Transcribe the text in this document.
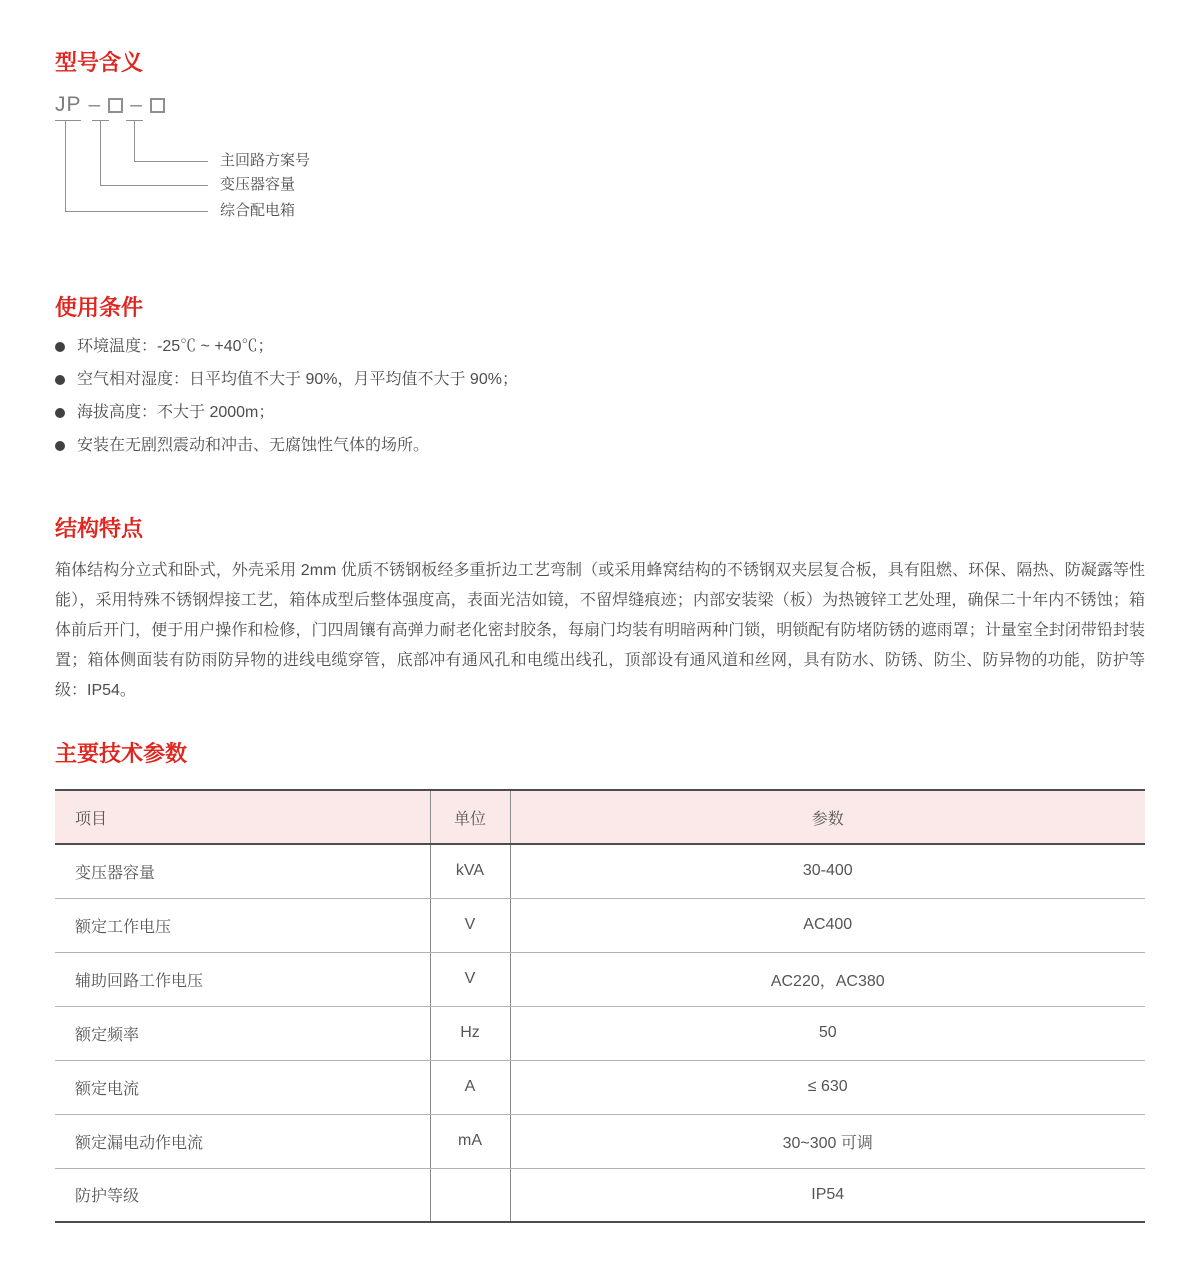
型号含义
JP – –
主回路方案号
变压器容量
综合配电箱
使用条件
环境温度：-25℃ ~ +40℃；
空气相对湿度：日平均值不大于 90%，月平均值不大于 90%；
海拔高度：不大于 2000m；
安装在无剧烈震动和冲击、无腐蚀性气体的场所。
结构特点

箱体结构分立式和卧式，外壳采用 2mm 优质不锈钢板经多重折边工艺弯制（或采用蜂窝结构的不锈钢双夹层复合板，具有阻燃、环保、隔热、防凝露等性能），采用特殊不锈钢焊接工艺，箱体成型后整体强度高，表面光洁如镜，不留焊缝痕迹；内部安装梁（板）为热镀锌工艺处理，确保二十年内不锈蚀；箱体前后开门，便于用户操作和检修，门四周镶有高弹力耐老化密封胶条，每扇门均装有明暗两种门锁，明锁配有防堵防锈的遮雨罩；计量室全封闭带铅封装置；箱体侧面装有防雨防异物的进线电缆穿管，底部冲有通风孔和电缆出线孔，顶部设有通风道和丝网，具有防水、防锈、防尘、防异物的功能，防护等级：IP54。

主要技术参数
项目	单位	参数
变压器容量	kVA	30-400
额定工作电压	V	AC400
辅助回路工作电压	V	AC220，AC380
额定频率	Hz	50
额定电流	A	≤ 630
额定漏电动作电流	mA	30~300 可调
防护等级		IP54
